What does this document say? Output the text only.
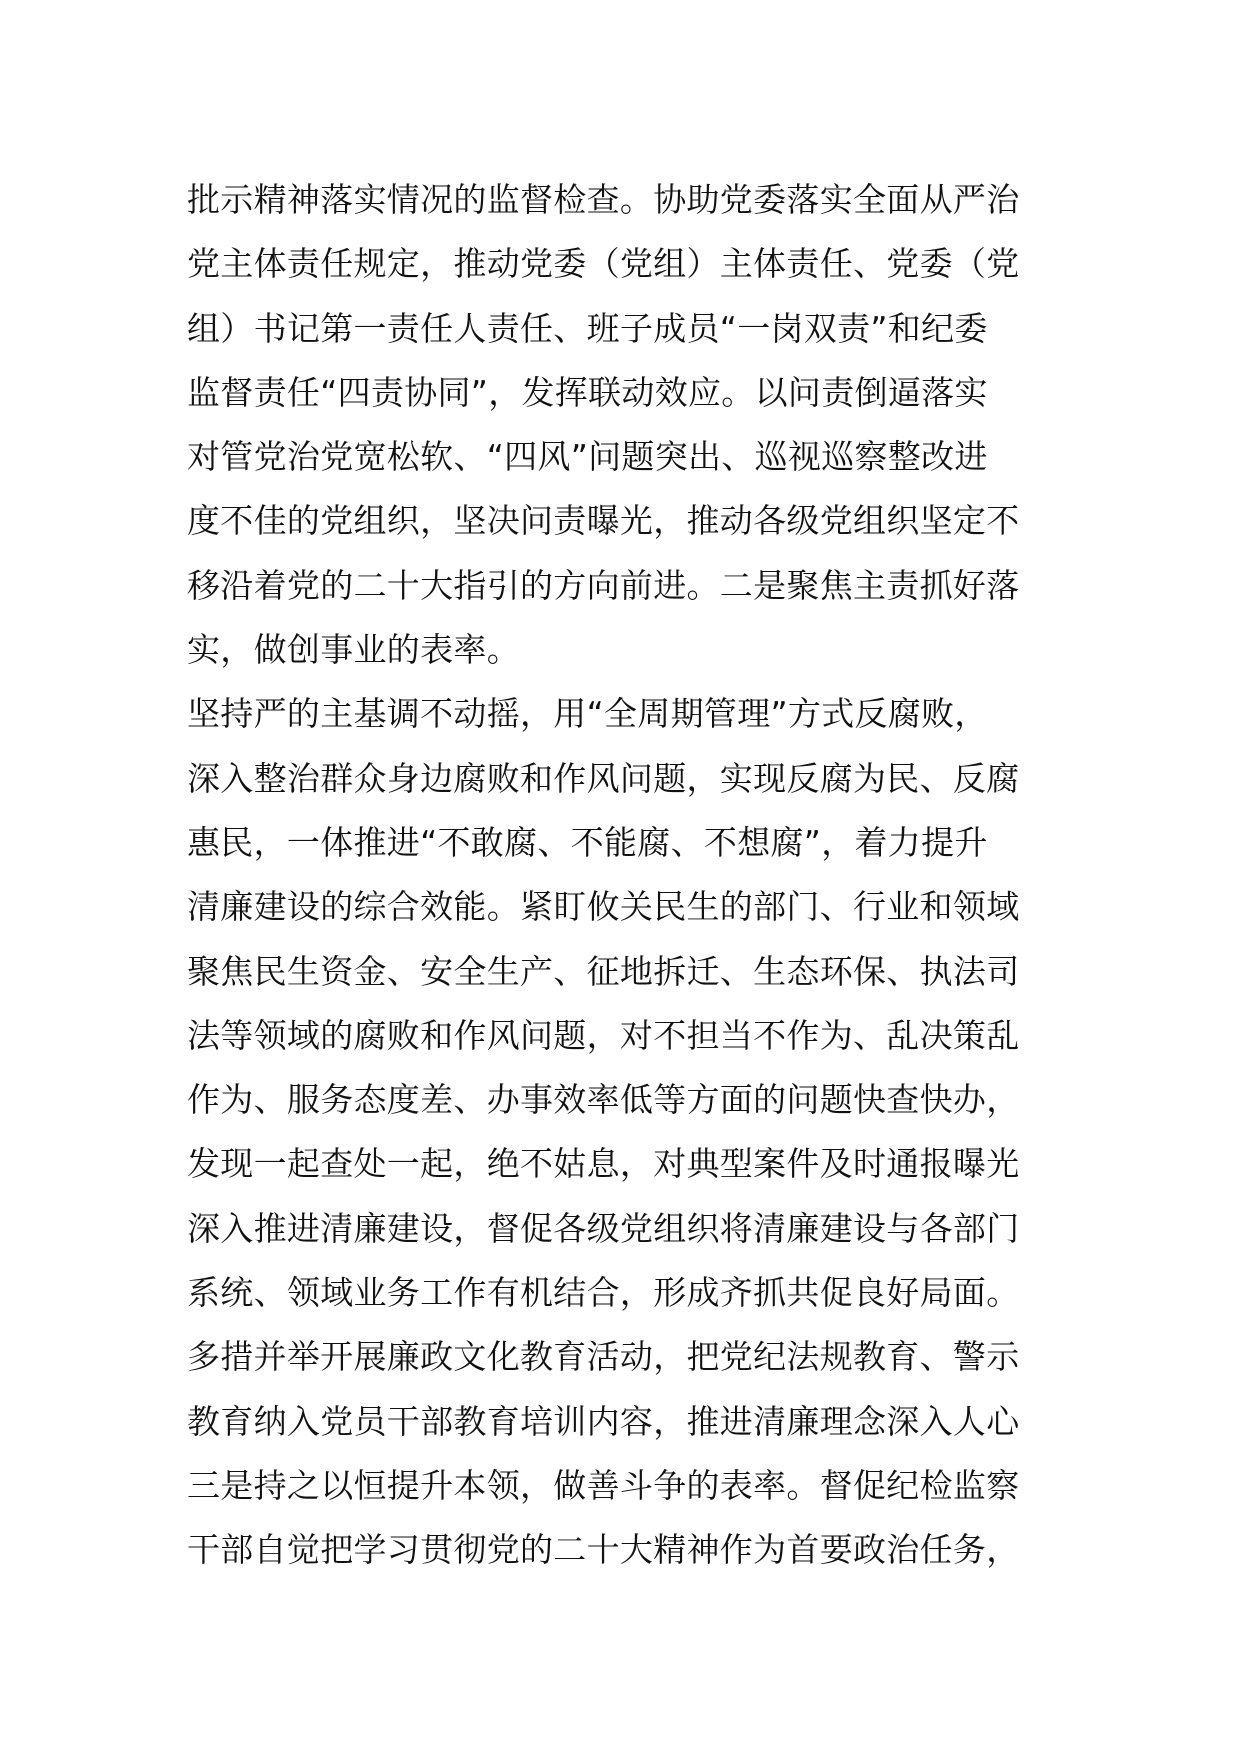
批示精神落实情况的监督检查。协助党委落实全面从严治
党主体责任规定，推动党委（党组）主体责任、党委（党
组）书记第一责任人责任、班子成员“一岗双责”和纪委
监督责任“四责协同”，发挥联动效应。以问责倒逼落实
对管党治党宽松软、“四风”问题突出、巡视巡察整改进
度不佳的党组织，坚决问责曝光，推动各级党组织坚定不
移沿着党的二十大指引的方向前进。二是聚焦主责抓好落
实，做创事业的表率。
坚持严的主基调不动摇，用“全周期管理”方式反腐败，
深入整治群众身边腐败和作风问题，实现反腐为民、反腐
惠民，一体推进“不敢腐、不能腐、不想腐”，着力提升
清廉建设的综合效能。紧盯攸关民生的部门、行业和领域
聚焦民生资金、安全生产、征地拆迁、生态环保、执法司
法等领域的腐败和作风问题，对不担当不作为、乱决策乱
作为、服务态度差、办事效率低等方面的问题快查快办，
发现一起查处一起，绝不姑息，对典型案件及时通报曝光
深入推进清廉建设，督促各级党组织将清廉建设与各部门
系统、领域业务工作有机结合，形成齐抓共促良好局面。
多措并举开展廉政文化教育活动，把党纪法规教育、警示
教育纳入党员干部教育培训内容，推进清廉理念深入人心
三是持之以恒提升本领，做善斗争的表率。督促纪检监察
干部自觉把学习贯彻党的二十大精神作为首要政治任务，
